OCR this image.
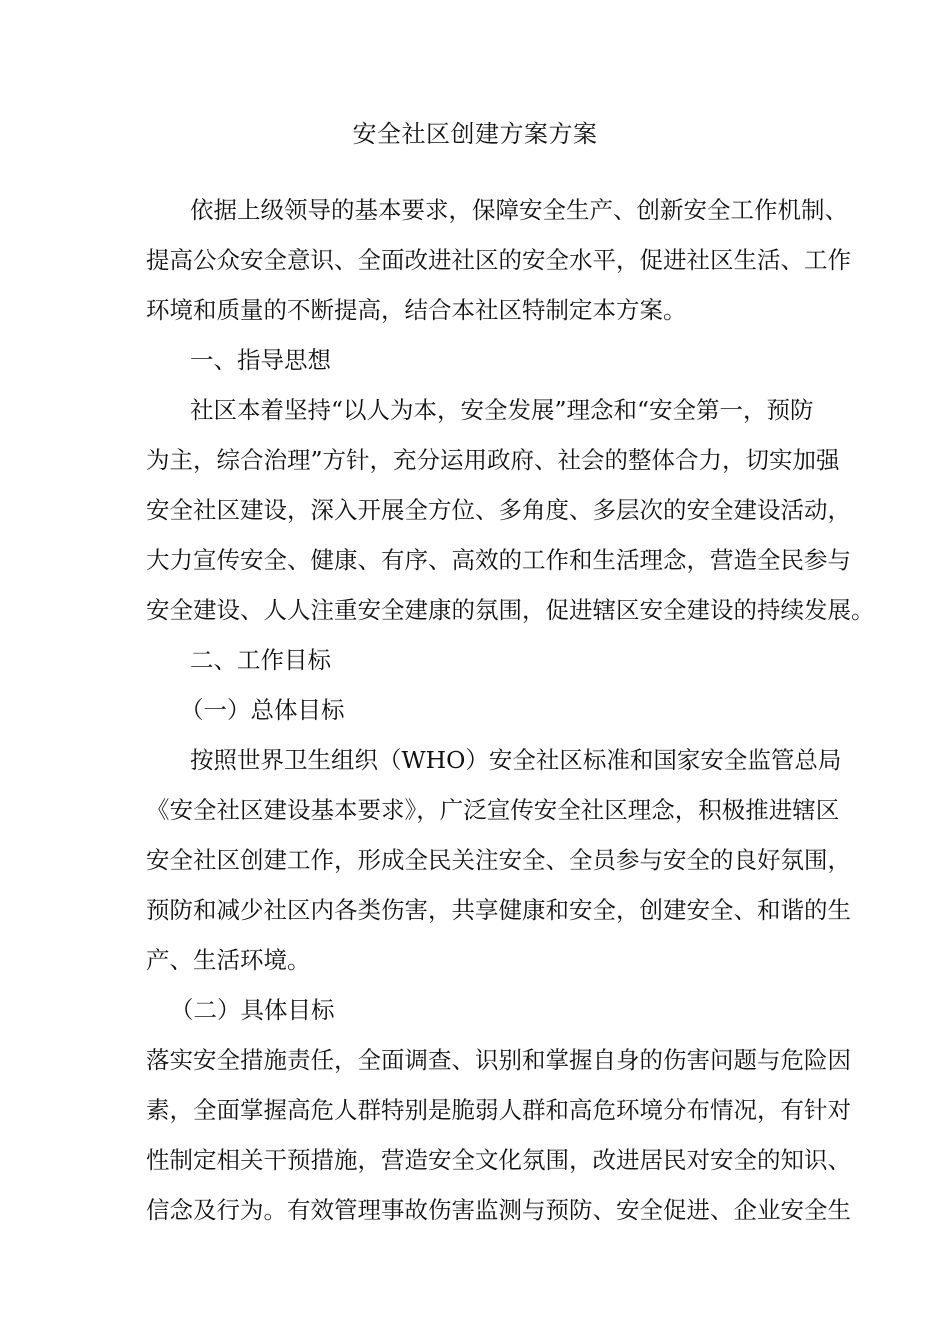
安全社区创建方案方案
依据上级领导的基本要求，保障安全生产、创新安全工作机制、
提高公众安全意识、全面改进社区的安全水平，促进社区生活、工作
环境和质量的不断提高，结合本社区特制定本方案。
一、指导思想
社区本着坚持“以人为本，安全发展”理念和“安全第一，预防
为主，综合治理”方针，充分运用政府、社会的整体合力，切实加强
安全社区建设，深入开展全方位、多角度、多层次的安全建设活动，
大力宣传安全、健康、有序、高效的工作和生活理念，营造全民参与
安全建设、人人注重安全建康的氛围，促进辖区安全建设的持续发展。
二、工作目标
（一）总体目标
按照世界卫生组织（WHO）安全社区标准和国家安全监管总局
《安全社区建设基本要求》，广泛宣传安全社区理念，积极推进辖区
安全社区创建工作，形成全民关注安全、全员参与安全的良好氛围，
预防和减少社区内各类伤害，共享健康和安全，创建安全、和谐的生
产、生活环境。
（二）具体目标
落实安全措施责任，全面调查、识别和掌握自身的伤害问题与危险因
素，全面掌握高危人群特别是脆弱人群和高危环境分布情况，有针对
性制定相关干预措施，营造安全文化氛围，改进居民对安全的知识、
信念及行为。有效管理事故伤害监测与预防、安全促进、企业安全生
